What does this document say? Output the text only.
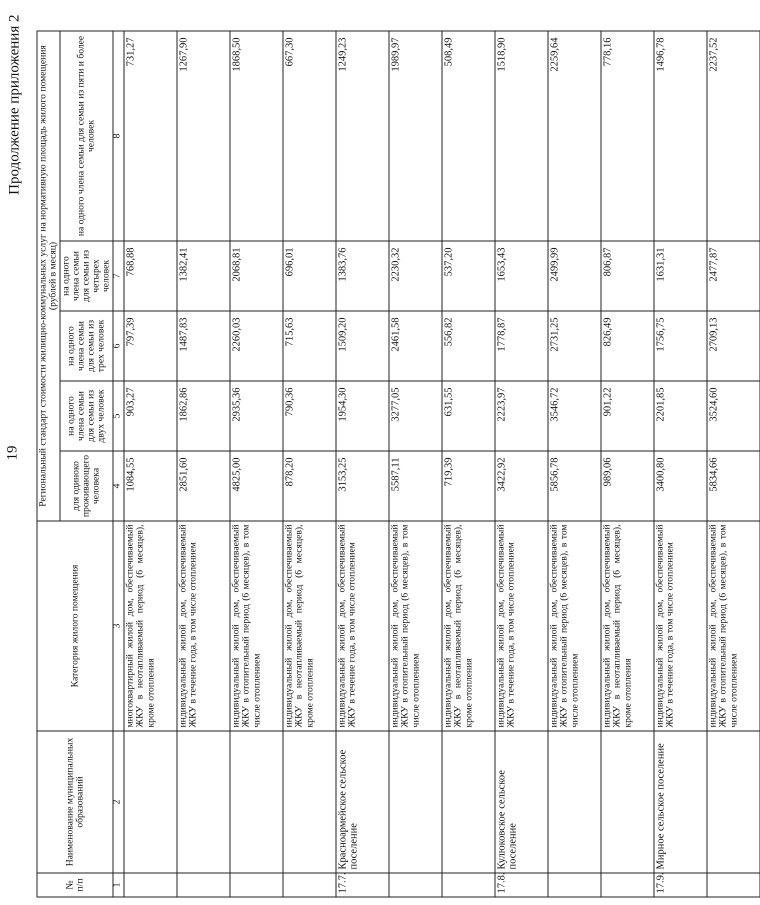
19
Продолжение приложения 2
№ п/п	Наименование муниципальных образований	Категория жилого помещения	Региональный стандарт стоимости жилищно-коммунальных услуг на нормативную площадь жилого помещения (рублей в месяц)				
			для одиноко проживающего человека	на одного члена семьи для семьи из двух человек	на одного члена семьи для семьи из трех человек	на одного члена семьи для семьи из четырех человек	на одного члена семьи для семьи из пяти и более человек
1	2	3	4	5	6	7	8
		многоквартирный жилой дом, обеспечиваемый ЖКУ в неотапливаемый период (6 месяцев), кроме отопления	1084,55	903,27	797,39	768,88	731,27
		индивидуальный жилой дом, обеспечиваемый ЖКУ в течение года, в том числе отоплением	2851,60	1862,86	1487,83	1382,41	1267,90
		индивидуальный жилой дом, обеспечиваемый ЖКУ в отопительный период (6 месяцев), в том числе отоплением	4825,00	2935,36	2260,03	2068,81	1868,50
		индивидуальный жилой дом, обеспечиваемый ЖКУ в неотапливаемый период (6 месяцев), кроме отопления	878,20	790,36	715,63	696,01	667,30
17.7.	Красноармейское сельское поселение	индивидуальный жилой дом, обеспечиваемый ЖКУ в течение года, в том числе отоплением	3153,25	1954,30	1509,20	1383,76	1249,23
		индивидуальный жилой дом, обеспечиваемый ЖКУ в отопительный период (6 месяцев), в том числе отоплением	5587,11	3277,05	2461,58	2230,32	1989,97
		индивидуальный жилой дом, обеспечиваемый ЖКУ в неотапливаемый период (6 месяцев), кроме отопления	719,39	631,55	556,82	537,20	508,49
17.8.	Кулюковское сельское поселение	индивидуальный жилой дом, обеспечиваемый ЖКУ в течение года, в том числе отоплением	3422,92	2223,97	1778,87	1653,43	1518,90
		индивидуальный жилой дом, обеспечиваемый ЖКУ в отопительный период (6 месяцев), в том числе отоплением	5856,78	3546,72	2731,25	2499,99	2259,64
		индивидуальный жилой дом, обеспечиваемый ЖКУ в неотапливаемый период (6 месяцев), кроме отопления	989,06	901,22	826,49	806,87	778,16
17.9.	Мирное сельское поселение	индивидуальный жилой дом, обеспечиваемый ЖКУ в течение года, в том числе отоплением	3400,80	2201,85	1756,75	1631,31	1496,78
		индивидуальный жилой дом, обеспечиваемый ЖКУ в отопительный период (6 месяцев), в том числе отоплением	5834,66	3524,60	2709,13	2477,87	2237,52
